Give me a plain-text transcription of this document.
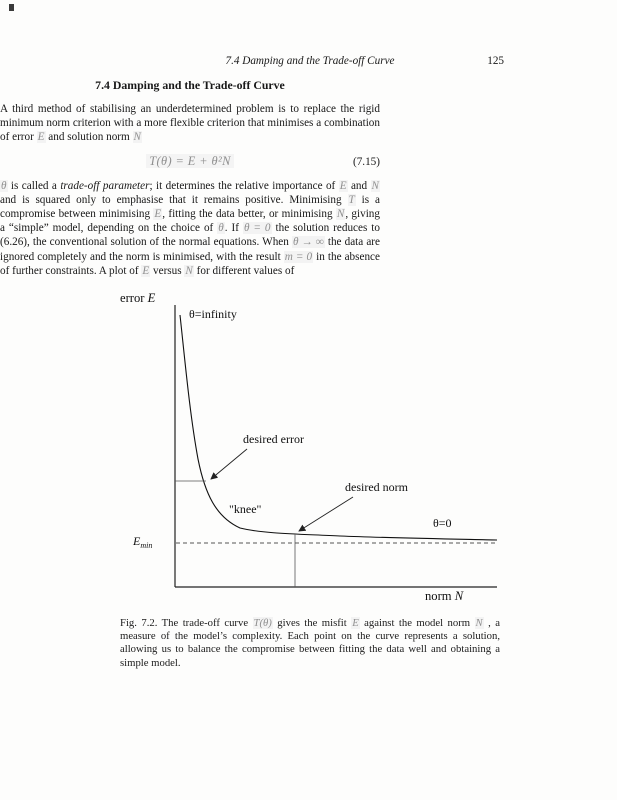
7.4 Damping and the Trade-off Curve	125
7.4 Damping and the Trade-off Curve

A third method of stabilising an underdetermined problem is to replace the rigid minimum norm criterion with a more flexible criterion that minimises a combination of error E and solution norm N

T(θ) = E + θ²N	(7.15)

θ is called a trade-off parameter; it determines the relative importance of E and N and is squared only to emphasise that it remains positive. Minimising T is a compromise between minimising E, fitting the data better, or minimising N, giving a “simple” model, depending on the choice of θ. If θ = 0 the solution reduces to (6.26), the conventional solution of the normal equations. When θ → ∞ the data are ignored completely and the norm is minimised, with the result m = 0 in the absence of further constraints. A plot of E versus N for different values of

error E
θ=infinity
desired error
desired norm
"knee"
θ=0
$E_{min}$
norm N

Fig. 7.2. The trade-off curve T(θ) gives the misfit E against the model norm N , a measure of the model’s complexity. Each point on the curve represents a solution, allowing us to balance the compromise between fitting the data well and obtaining a simple model.
